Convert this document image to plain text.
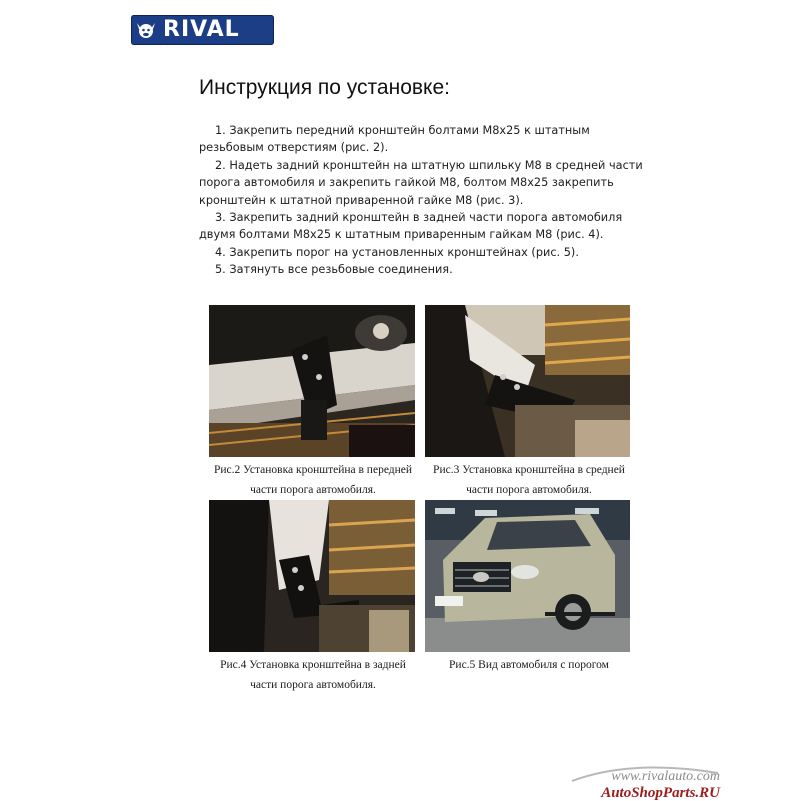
RIVAL
Инструкция по установке:

1. Закрепить передний кронштейн болтами М8х25 к штатным резьбовым отверстиям (рис. 2).

2. Надеть задний кронштейн на штатную шпильку М8 в средней части порога автомобиля и закрепить гайкой М8, болтом М8х25 закрепить кронштейн к штатной приваренной гайке М8 (рис. 3).

3. Закрепить задний кронштейн в задней части порога автомобиля двумя болтами М8х25 к штатным приваренным гайкам М8 (рис. 4).

4. Закрепить порог на установленных кронштейнах (рис. 5).

5. Затянуть все резьбовые соединения.

Рис.2 Установка кронштейна в передней
части порога автомобиля.

Рис.3 Установка кронштейна в средней
части порога автомобиля.

Рис.4 Установка кронштейна в задней
части порога автомобиля.

Рис.5 Вид автомобиля с порогом

www.rivalauto.com
AutoShopParts.RU
